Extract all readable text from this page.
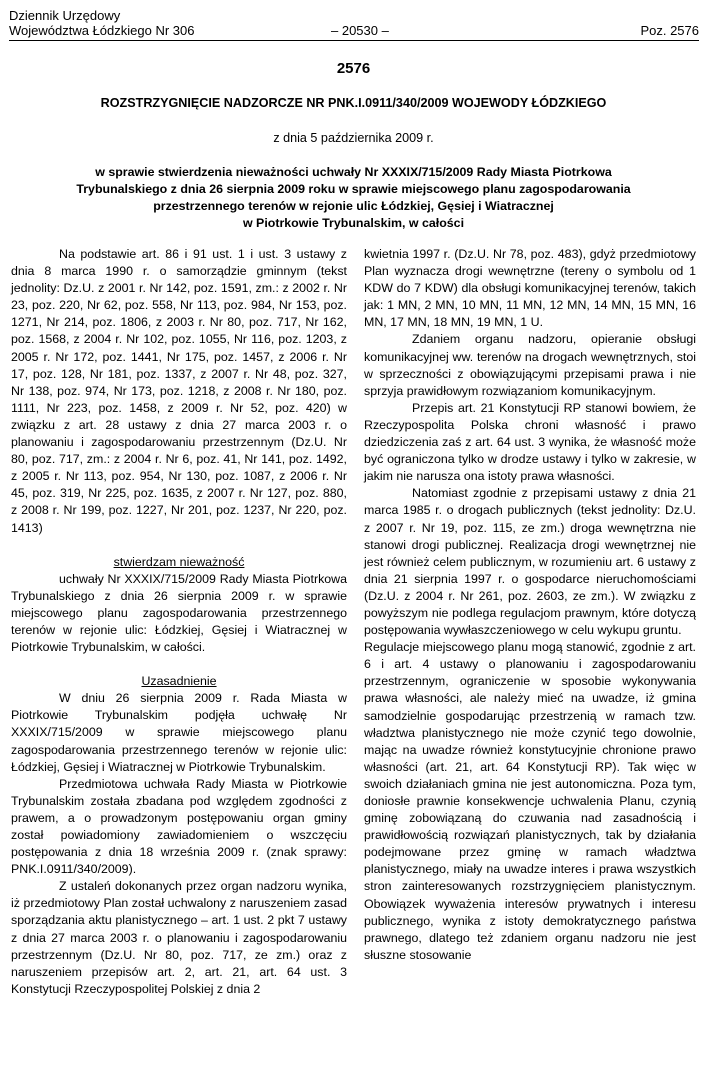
Dziennik Urzędowy
Województwa Łódzkiego Nr 306	– 20530 –	Poz. 2576
2576
ROZSTRZYGNIĘCIE NADZORCZE NR PNK.I.0911/340/2009 WOJEWODY ŁÓDZKIEGO
z dnia 5 października 2009 r.
w sprawie stwierdzenia nieważności uchwały Nr XXXIX/715/2009 Rady Miasta Piotrkowa
Trybunalskiego z dnia 26 sierpnia 2009 roku w sprawie miejscowego planu zagospodarowania
przestrzennego terenów w rejonie ulic Łódzkiej, Gęsiej i Wiatracznej
w Piotrkowie Trybunalskim, w całości

Na podstawie art. 86 i 91 ust. 1 i ust. 3 ustawy z dnia 8 marca 1990 r. o samorządzie gminnym (tekst jednolity: Dz.U. z 2001 r. Nr 142, poz. 1591, zm.: z 2002 r. Nr 23, poz. 220, Nr 62, poz. 558, Nr 113, poz. 984, Nr 153, poz. 1271, Nr 214, poz. 1806, z 2003 r. Nr 80, poz. 717, Nr 162, poz. 1568, z 2004 r. Nr 102, poz. 1055, Nr 116, poz. 1203, z 2005 r. Nr 172, poz. 1441, Nr 175, poz. 1457, z 2006 r. Nr 17, poz. 128, Nr 181, poz. 1337, z 2007 r. Nr 48, poz. 327, Nr 138, poz. 974, Nr 173, poz. 1218, z 2008 r. Nr 180, poz. 1111, Nr 223, poz. 1458, z 2009 r. Nr 52, poz. 420) w związku z art. 28 ustawy z dnia 27 marca 2003 r. o planowaniu i zagospodarowaniu przestrzennym (Dz.U. Nr 80, poz. 717, zm.: z 2004 r. Nr 6, poz. 41, Nr 141, poz. 1492, z 2005 r. Nr 113, poz. 954, Nr 130, poz. 1087, z 2006 r. Nr 45, poz. 319, Nr 225, poz. 1635, z 2007 r. Nr 127, poz. 880, z 2008 r. Nr 199, poz. 1227, Nr 201, poz. 1237, Nr 220, poz. 1413)

stwierdzam nieważność

uchwały Nr XXXIX/715/2009 Rady Miasta Piotrkowa Trybunalskiego z dnia 26 sierpnia 2009 r. w sprawie miejscowego planu zagospodarowania przestrzennego terenów w rejonie ulic: Łódzkiej, Gęsiej i Wiatracznej w Piotrkowie Trybunalskim, w całości.

Uzasadnienie

W dniu 26 sierpnia 2009 r. Rada Miasta w Piotrkowie Trybunalskim podjęła uchwałę Nr XXXIX/715/2009 w sprawie miejscowego planu zagospodarowania przestrzennego terenów w rejonie ulic: Łódzkiej, Gęsiej i Wiatracznej w Piotrkowie Trybunalskim.

Przedmiotowa uchwała Rady Miasta w Piotrkowie Trybunalskim została zbadana pod względem zgodności z prawem, a o prowadzonym postępowaniu organ gminy został powiadomiony zawiadomieniem o wszczęciu postępowania z dnia 18 września 2009 r. (znak sprawy: PNK.I.0911/340/2009).

Z ustaleń dokonanych przez organ nadzoru wynika, iż przedmiotowy Plan został uchwalony z naruszeniem zasad sporządzania aktu planistycznego – art. 1 ust. 2 pkt 7 ustawy z dnia 27 marca 2003 r. o planowaniu i zagospodarowaniu przestrzennym (Dz.U. Nr 80, poz. 717, ze zm.) oraz z naruszeniem przepisów art. 2, art. 21, art. 64 ust. 3 Konstytucji Rzeczypospolitej Polskiej z dnia 2

kwietnia 1997 r. (Dz.U. Nr 78, poz. 483), gdyż przedmiotowy Plan wyznacza drogi wewnętrzne (tereny o symbolu od 1 KDW do 7 KDW) dla obsługi komunikacyjnej terenów, takich jak: 1 MN, 2 MN, 10 MN, 11 MN, 12 MN, 14 MN, 15 MN, 16 MN, 17 MN, 18 MN, 19 MN, 1 U.

Zdaniem organu nadzoru, opieranie obsługi komunikacyjnej ww. terenów na drogach wewnętrznych, stoi w sprzeczności z obowiązującymi przepisami prawa i nie sprzyja prawidłowym rozwiązaniom komunikacyjnym.

Przepis art. 21 Konstytucji RP stanowi bowiem, że Rzeczypospolita Polska chroni własność i prawo dziedziczenia zaś z art. 64 ust. 3 wynika, że własność może być ograniczona tylko w drodze ustawy i tylko w zakresie, w jakim nie narusza ona istoty prawa własności.

Natomiast zgodnie z przepisami ustawy z dnia 21 marca 1985 r. o drogach publicznych (tekst jednolity: Dz.U. z 2007 r. Nr 19, poz. 115, ze zm.) droga wewnętrzna nie stanowi drogi publicznej. Realizacja drogi wewnętrznej nie jest również celem publicznym, w rozumieniu art. 6 ustawy z dnia 21 sierpnia 1997 r. o gospodarce nieruchomościami (Dz.U. z 2004 r. Nr 261, poz. 2603, ze zm.). W związku z powyższym nie podlega regulacjom prawnym, które dotyczą postępowania wywłaszczeniowego w celu wykupu gruntu.

Regulacje miejscowego planu mogą stanowić, zgodnie z art. 6 i art. 4 ustawy o planowaniu i zagospodarowaniu przestrzennym, ograniczenie w sposobie wykonywania prawa własności, ale należy mieć na uwadze, iż gmina samodzielnie gospodarując przestrzenią w ramach tzw. władztwa planistycznego nie może czynić tego dowolnie, mając na uwadze również konstytucyjnie chronione prawo własności (art. 21, art. 64 Konstytucji RP). Tak więc w swoich działaniach gmina nie jest autonomiczna. Poza tym, doniosłe prawnie konsekwencje uchwalenia Planu, czynią gminę zobowiązaną do czuwania nad zasadnością i prawidłowością rozwiązań planistycznych, tak by działania podejmowane przez gminę w ramach władztwa planistycznego, miały na uwadze interes i prawa wszystkich stron zainteresowanych rozstrzygnięciem planistycznym. Obowiązek wyważenia interesów prywatnych i interesu publicznego, wynika z istoty demokratycznego państwa prawnego, dlatego też zdaniem organu nadzoru nie jest słuszne stosowanie
